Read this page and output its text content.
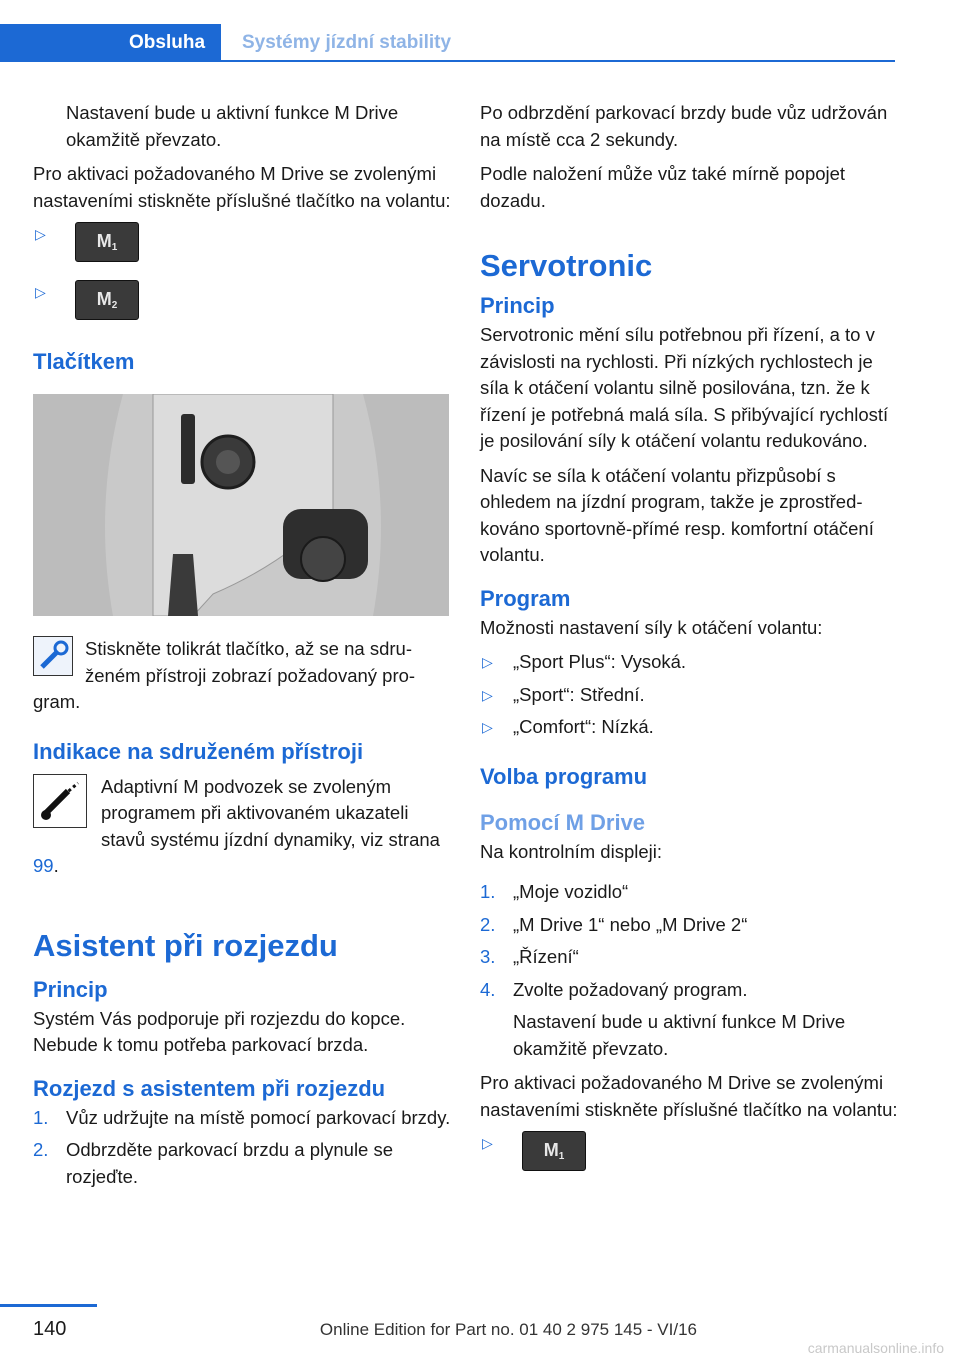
Obsluha	Systémy jízdní stability

Nastavení bude u aktivní funkce M Drive okamžitě převzato.

Pro aktivaci požadovaného M Drive se zvolenými nastaveními stiskněte příslušné tlačítko na volantu:

▷	M1
▷	M2
Tlačítkem
Stiskněte tolikrát tlačítko, až se na sdruženém přístroji zobrazí požadovaný program.
Indikace na sdruženém přístroji
Adaptivní M podvozek se zvoleným programem při aktivovaném ukazateli stavů systému jízdní dynamiky, viz strana 99.
Asistent při rozjezdu
Princip

Systém Vás podporuje při rozjezdu do kopce. Nebude k tomu potřeba parkovací brzda.

Rozjezd s asistentem při rozjezdu
1. Vůz udržujte na místě pomocí parkovací brzdy.
2. Odbrzděte parkovací brzdu a plynule se rozjeďte.

Po odbrzdění parkovací brzdy bude vůz udržován na místě cca 2 sekundy.

Podle naložení může vůz také mírně popojet dozadu.

Servotronic
Princip

Servotronic mění sílu potřebnou při řízení, a to v závislosti na rychlosti. Při nízkých rychlostech je síla k otáčení volantu silně posilována, tzn. že k řízení je potřebná malá síla. S přibývající rychlostí je posilování síly k otáčení volantu redukováno.

Navíc se síla k otáčení volantu přizpůsobí s ohledem na jízdní program, takže je zprostředkováno sportovně-přímé resp. komfortní otáčení volantu.

Program

Možnosti nastavení síly k otáčení volantu:

▷ „Sport Plus“: Vysoká.
▷ „Sport“: Střední.
▷ „Comfort“: Nízká.
Volba programu
Pomocí M Drive

Na kontrolním displeji:

1. „Moje vozidlo“
2. „M Drive 1“ nebo „M Drive 2“
3. „Řízení“
4. Zvolte požadovaný program.
Nastavení bude u aktivní funkce M Drive okamžitě převzato.

Pro aktivaci požadovaného M Drive se zvolenými nastaveními stiskněte příslušné tlačítko na volantu:

▷	M1
140	Online Edition for Part no. 01 40 2 975 145 - VI/16
carmanualsonline.info
